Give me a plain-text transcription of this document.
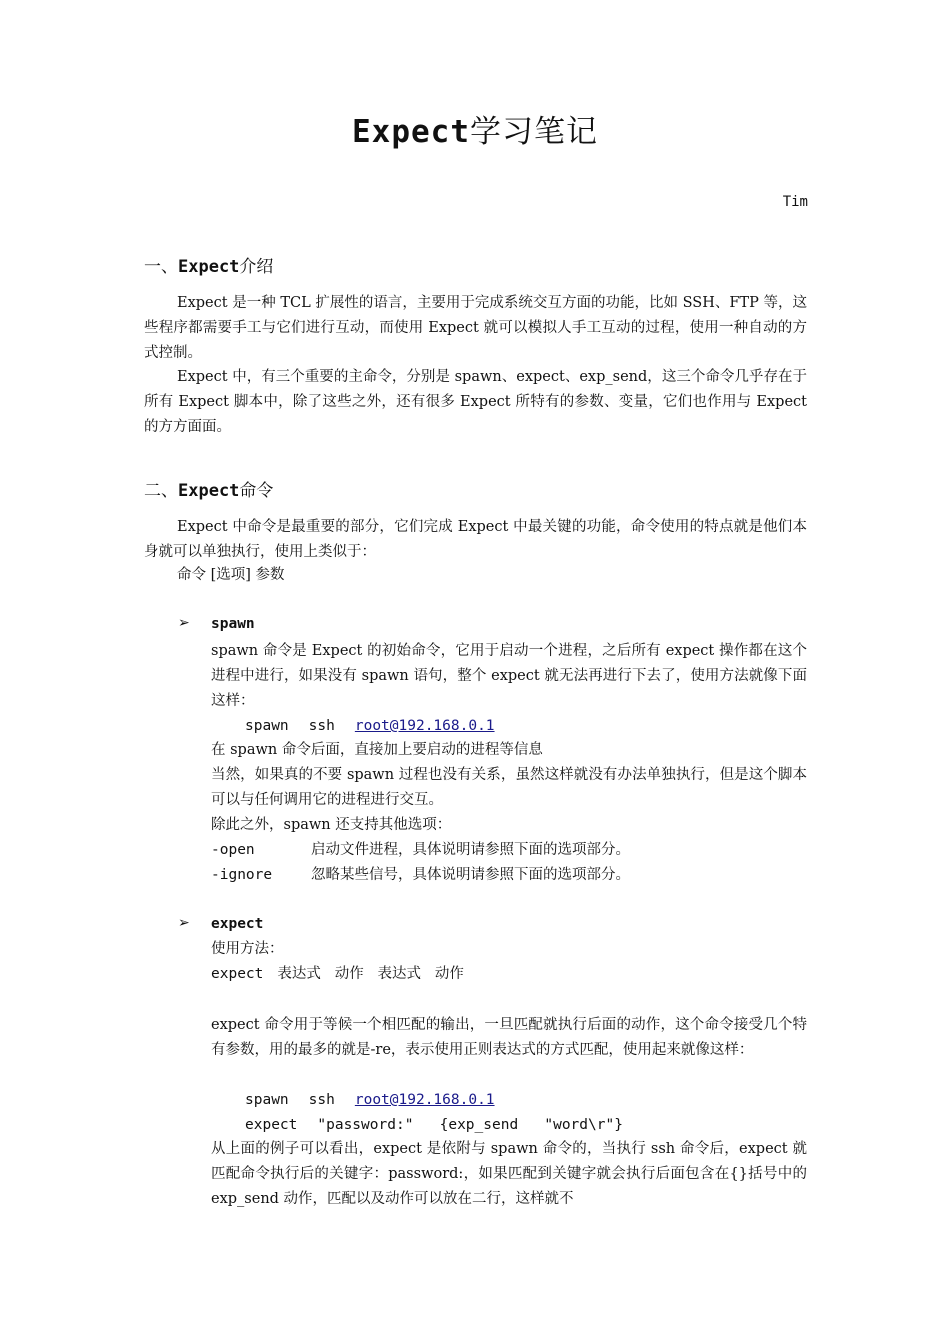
Expect学习笔记
Tim
一、Expect介绍
Expect 是一种 TCL 扩展性的语言，主要用于完成系统交互方面的功能，比如 SSH、FTP 等，这些程序都需要手工与它们进行互动，而使用 Expect 就可以模拟人手工互动的过程，使用一种自动的方式控制。
Expect 中，有三个重要的主命令，分别是 spawn、expect、exp_send，这三个命令几乎存在于所有 Expect 脚本中，除了这些之外，还有很多 Expect 所特有的参数、变量，它们也作用与 Expect 的方方面面。
二、Expect命令
Expect 中命令是最重要的部分，它们完成 Expect 中最关键的功能，命令使用的特点就是他们本身就可以单独执行，使用上类似于：
命令 [选项] 参数
➢ spawn
spawn 命令是 Expect 的初始命令，它用于启动一个进程，之后所有 expect 操作都在这个进程中进行，如果没有 spawn 语句，整个 expect 就无法再进行下去了，使用方法就像下面这样：
spawn ssh root@192.168.0.1
在 spawn 命令后面，直接加上要启动的进程等信息
当然，如果真的不要 spawn 过程也没有关系，虽然这样就没有办法单独执行，但是这个脚本可以与任何调用它的进程进行交互。
除此之外，spawn 还支持其他选项：
-open	启动文件进程，具体说明请参照下面的选项部分。
-ignore	忽略某些信号，具体说明请参照下面的选项部分。
➢ expect
使用方法：
expect 表达式   动作   表达式   动作
expect 命令用于等候一个相匹配的输出，一旦匹配就执行后面的动作，这个命令接受几个特有参数，用的最多的就是-re，表示使用正则表达式的方式匹配，使用起来就像这样：
spawn ssh root@192.168.0.1
expect "password:"   {exp_send   "word\r"}
从上面的例子可以看出，expect 是依附与 spawn 命令的，当执行 ssh 命令后，expect 就匹配命令执行后的关键字：password:，如果匹配到关键字就会执行后面包含在{}括号中的 exp_send 动作，匹配以及动作可以放在二行，这样就不
